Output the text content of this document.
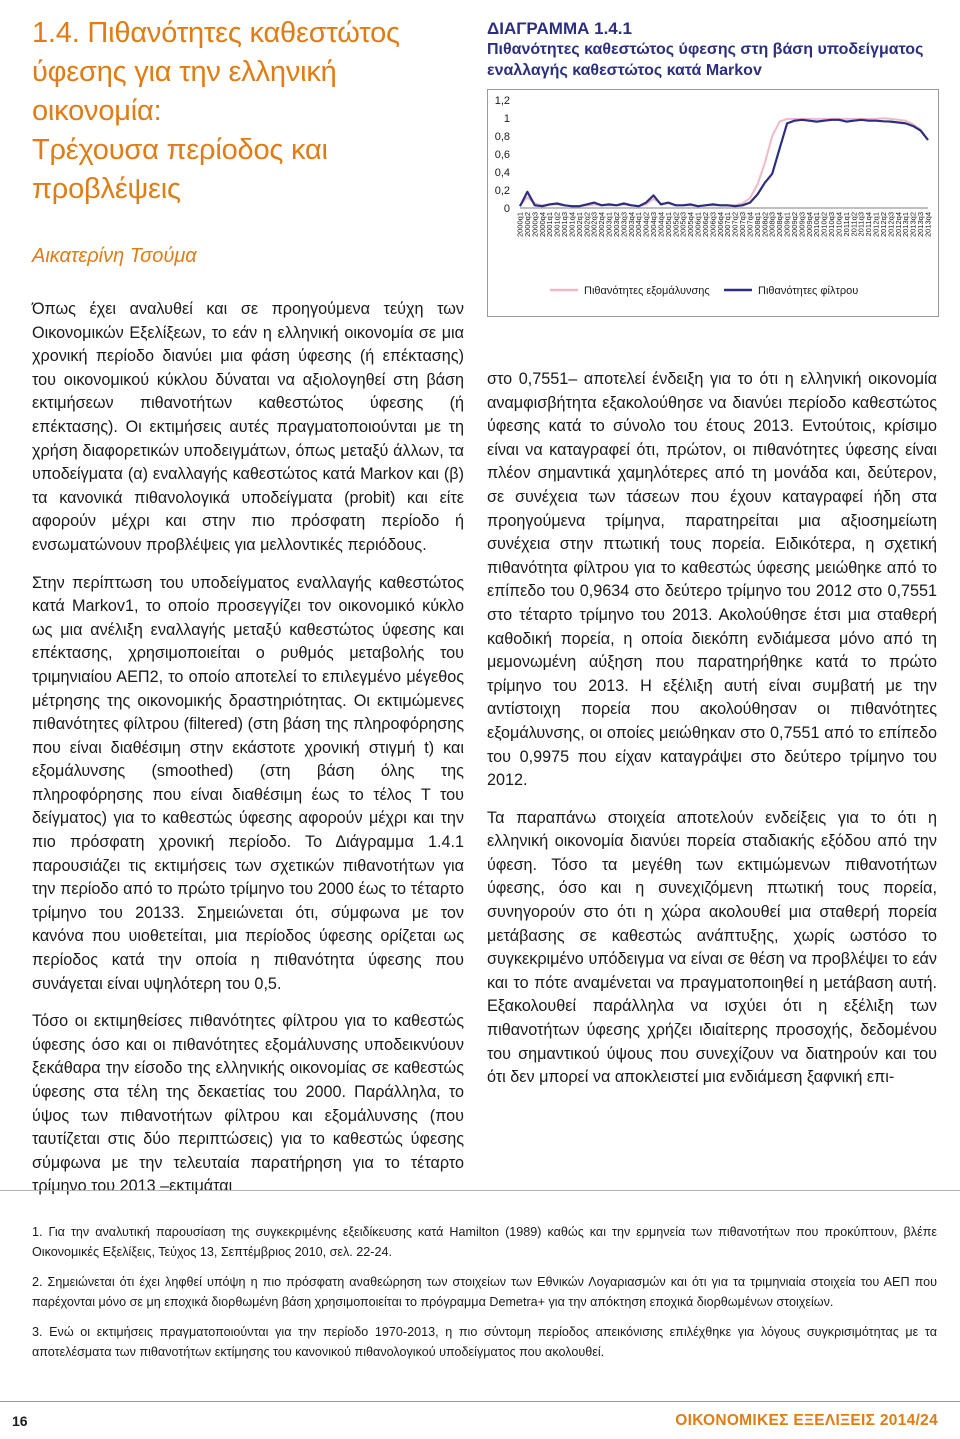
1.4. Πιθανότητες καθεστώτος
ύφεσης για την ελληνική οικονομία:
Τρέχουσα περίοδος και προβλέψεις
Αικατερίνη Τσούμα

Όπως έχει αναλυθεί και σε προηγούμενα τεύχη των Οικονομικών Εξελίξεων, το εάν η ελληνική οικονομία σε μια χρονική περίοδο διανύει μια φάση ύφεσης (ή επέκτασης) του οικονομικού κύκλου δύναται να αξιολογηθεί στη βάση εκτιμήσεων πιθανοτήτων καθεστώτος ύφεσης (ή επέκτασης). Οι εκτιμήσεις αυτές πραγματοποιούνται με τη χρήση διαφορετικών υποδειγμάτων, όπως μεταξύ άλλων, τα υποδείγματα (α) εναλλαγής καθεστώτος κατά Markov και (β) τα κανονικά πιθανολογικά υποδείγματα (probit) και είτε αφορούν μέχρι και στην πιο πρόσφατη περίοδο ή ενσωματώνουν προβλέψεις για μελλοντικές περιόδους.

Στην περίπτωση του υποδείγματος εναλλαγής καθεστώτος κατά Markov1, το οποίο προσεγγίζει τον οικονομικό κύκλο ως μια ανέλιξη εναλλαγής μεταξύ καθεστώτος ύφεσης και επέκτασης, χρησιμοποιείται ο ρυθμός μεταβολής του τριμηνιαίου ΑΕΠ2, το οποίο αποτελεί το επιλεγμένο μέγεθος μέτρησης της οικονομικής δραστηριότητας. Οι εκτιμώμενες πιθανότητες φίλτρου (filtered) (στη βάση της πληροφόρησης που είναι διαθέσιμη στην εκάστοτε χρονική στιγμή t) και εξομάλυνσης (smoothed) (στη βάση όλης της πληροφόρησης που είναι διαθέσιμη έως το τέλος T του δείγματος) για το καθεστώς ύφεσης αφορούν μέχρι και την πιο πρόσφατη χρονική περίοδο. Το Διάγραμμα 1.4.1 παρουσιάζει τις εκτιμήσεις των σχετικών πιθανοτήτων για την περίοδο από το πρώτο τρίμηνο του 2000 έως το τέταρτο τρίμηνο του 20133. Σημειώνεται ότι, σύμφωνα με τον κανόνα που υιοθετείται, μια περίοδος ύφεσης ορίζεται ως περίοδος κατά την οποία η πιθανότητα ύφεσης που συνάγεται είναι υψηλότερη του 0,5.

Τόσο οι εκτιμηθείσες πιθανότητες φίλτρου για το καθεστώς ύφεσης όσο και οι πιθανότητες εξομάλυνσης υποδεικνύουν ξεκάθαρα την είσοδο της ελληνικής οικονομίας σε καθεστώς ύφεσης στα τέλη της δεκαετίας του 2000. Παράλληλα, το ύψος των πιθανοτήτων φίλτρου και εξομάλυνσης (που ταυτίζεται στις δύο περιπτώσεις) για το καθεστώς ύφεσης σύμφωνα με την τελευταία παρατήρηση για το τέταρτο τρίμηνο του 2013 –εκτιμάται

ΔΙΑΓΡΑΜΜΑ 1.4.1
Πιθανότητες καθεστώτος ύφεσης στη βάση υποδείγματος εναλλαγής καθεστώτος κατά Markov
1,2
1
0,8
0,6
0,4
0,2
0
2000q1
2000q2
2000q3
2000q4
2001q1
2001q2
2001q3
2001q4
2002q1
2002q2
2002q3
2002q4
2003q1
2003q2
2003q3
2003q4
2004q1
2004q2
2004q3
2004q4
2005q1
2005q2
2005q3
2005q4
2006q1
2006q2
2006q3
2006q4
2007q1
2007q2
2007q3
2007q4
2008q1
2008q2
2008q3
2008q4
2009q1
2009q2
2009q3
2009q4
2010q1
2010q2
2010q3
2010q4
2011q1
2011q2
2011q3
2011q4
2012q1
2012q2
2012q3
2012q4
2013q1
2013q2
2013q3
2013q4
Πιθανότητες εξομάλυνσης	Πιθανότητες φίλτρου

στο 0,7551– αποτελεί ένδειξη για το ότι η ελληνική οικονομία αναμφισβήτητα εξακολούθησε να διανύει περίοδο καθεστώτος ύφεσης κατά το σύνολο του έτους 2013. Εντούτοις, κρίσιμο είναι να καταγραφεί ότι, πρώτον, οι πιθανότητες ύφεσης είναι πλέον σημαντικά χαμηλότερες από τη μονάδα και, δεύτερον, σε συνέχεια των τάσεων που έχουν καταγραφεί ήδη στα προηγούμενα τρίμηνα, παρατηρείται μια αξιοσημείωτη συνέχεια στην πτωτική τους πορεία. Ειδικότερα, η σχετική πιθανότητα φίλτρου για το καθεστώς ύφεσης μειώθηκε από το επίπεδο του 0,9634 στο δεύτερο τρίμηνο του 2012 στο 0,7551 στο τέταρτο τρίμηνο του 2013. Ακολούθησε έτσι μια σταθερή καθοδική πορεία, η οποία διεκόπη ενδιάμεσα μόνο από τη μεμονωμένη αύξηση που παρατηρήθηκε κατά το πρώτο τρίμηνο του 2013. Η εξέλιξη αυτή είναι συμβατή με την αντίστοιχη πορεία που ακολούθησαν οι πιθανότητες εξομάλυνσης, οι οποίες μειώθηκαν στο 0,7551 από το επίπεδο του 0,9975 που είχαν καταγράψει στο δεύτερο τρίμηνο του 2012.

Τα παραπάνω στοιχεία αποτελούν ενδείξεις για το ότι η ελληνική οικονομία διανύει πορεία σταδιακής εξόδου από την ύφεση. Τόσο τα μεγέθη των εκτιμώμενων πιθανοτήτων ύφεσης, όσο και η συνεχιζόμενη πτωτική τους πορεία, συνηγορούν στο ότι η χώρα ακολουθεί μια σταθερή πορεία μετάβασης σε καθεστώς ανάπτυξης, χωρίς ωστόσο το συγκεκριμένο υπόδειγμα να είναι σε θέση να προβλέψει το εάν και το πότε αναμένεται να πραγματοποιηθεί η μετάβαση αυτή. Εξακολουθεί παράλληλα να ισχύει ότι η εξέλιξη των πιθανοτήτων ύφεσης χρήζει ιδιαίτερης προσοχής, δεδομένου του σημαντικού ύψους που συνεχίζουν να διατηρούν και του ότι δεν μπορεί να αποκλειστεί μια ενδιάμεση ξαφνική επι-

1. Για την αναλυτική παρουσίαση της συγκεκριμένης εξειδίκευσης κατά Hamilton (1989) καθώς και την ερμηνεία των πιθανοτήτων που προκύπτουν, βλέπε Οικονομικές Εξελίξεις, Τεύχος 13, Σεπτέμβριος 2010, σελ. 22-24.

2. Σημειώνεται ότι έχει ληφθεί υπόψη η πιο πρόσφατη αναθεώρηση των στοιχείων των Εθνικών Λογαριασμών και ότι για τα τριμηνιαία στοιχεία του ΑΕΠ που παρέχονται μόνο σε μη εποχικά διορθωμένη βάση χρησιμοποιείται το πρόγραμμα Demetra+ για την απόκτηση εποχικά διορθωμένων στοιχείων.

3. Ενώ οι εκτιμήσεις πραγματοποιούνται για την περίοδο 1970-2013, η πιο σύντομη περίοδος απεικόνισης επιλέχθηκε για λόγους συγκρισιμότητας με τα αποτελέσματα των πιθανοτήτων εκτίμησης του κανονικού πιθανολογικού υποδείγματος που ακολουθεί.

16	ΟΙΚΟΝΟΜΙΚΕΣ ΕΞΕΛΙΞΕΙΣ 2014/24
